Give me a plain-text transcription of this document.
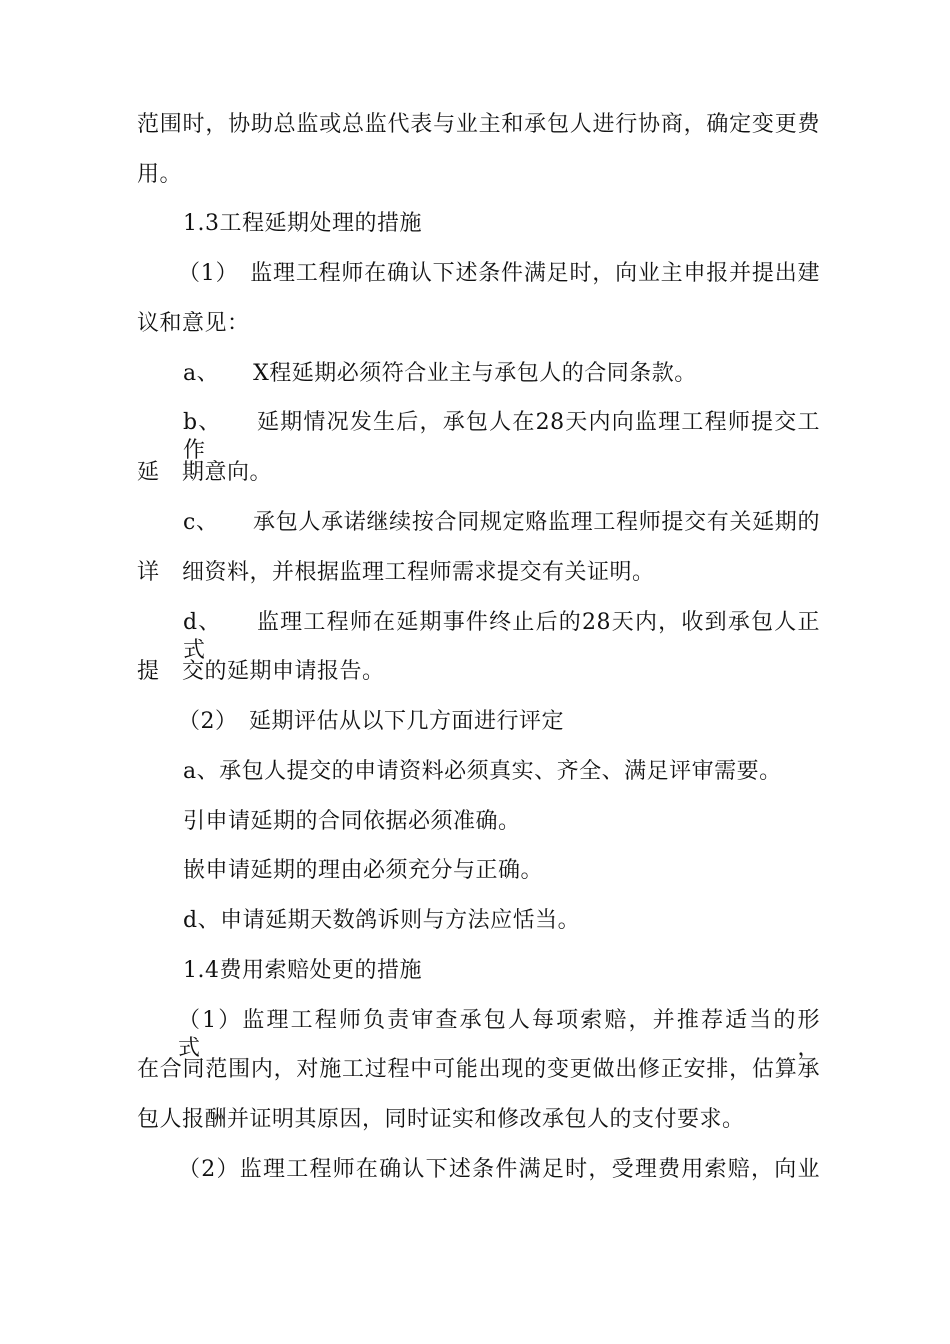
范围时，协助总监或总监代表与业主和承包人进行协商，确定变更费
用。
1.3工程延期处理的措施
（1）　监理工程师在确认下述条件满足时，向业主申报并提出建
议和意见：
a、　　X程延期必须符合业主与承包人的合同条款。
b、　　延期情况发生后，承包人在28天内向监理工程师提交工作
延　期意向。
c、　　承包人承诺继续按合同规定赂监理工程师提交有关延期的
详　细资料，并根据监理工程师需求提交有关证明。
d、　　监理工程师在延期事件终止后的28天内，收到承包人正式
提　交的延期申请报告。
（2）　延期评估从以下几方面进行评定
a、承包人提交的申请资料必须真实、齐全、满足评审需要。
引申请延期的合同依据必须准确。
嵌申请延期的理由必须充分与正确。
d、申请延期天数鸽诉则与方法应恬当。
1.4费用索赔处更的措施
（1）监理工程师负责审查承包人每项索赔，并推荐适当的形式，
在合同范围内，对施工过程中可能出现的变更做出修正安排，估算承
包人报酬并证明其原因，同时证实和修改承包人的支付要求。
（2）监理工程师在确认下述条件满足时，受理费用索赔，向业
